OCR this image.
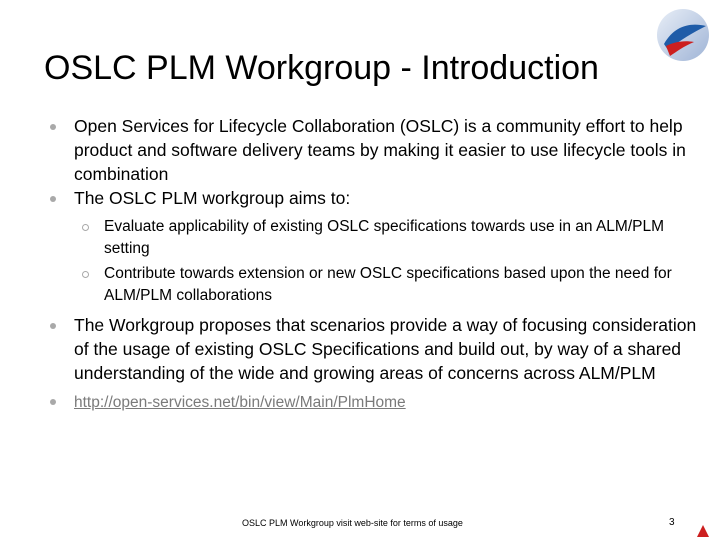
OSLC PLM Workgroup - Introduction
Open Services for Lifecycle Collaboration (OSLC) is a community effort to help product and software delivery teams by making it easier to use lifecycle tools in combination
The OSLC PLM workgroup aims to:
Evaluate applicability of existing OSLC specifications towards use in an ALM/PLM setting
Contribute towards extension or new OSLC specifications based upon the need for ALM/PLM collaborations
The Workgroup proposes that scenarios provide a way of focusing consideration of the usage of existing OSLC Specifications and build out, by way of a shared understanding of the wide and growing areas of concerns across ALM/PLM
http://open-services.net/bin/view/Main/PlmHome
OSLC PLM Workgroup visit web-site for terms of usage	3
